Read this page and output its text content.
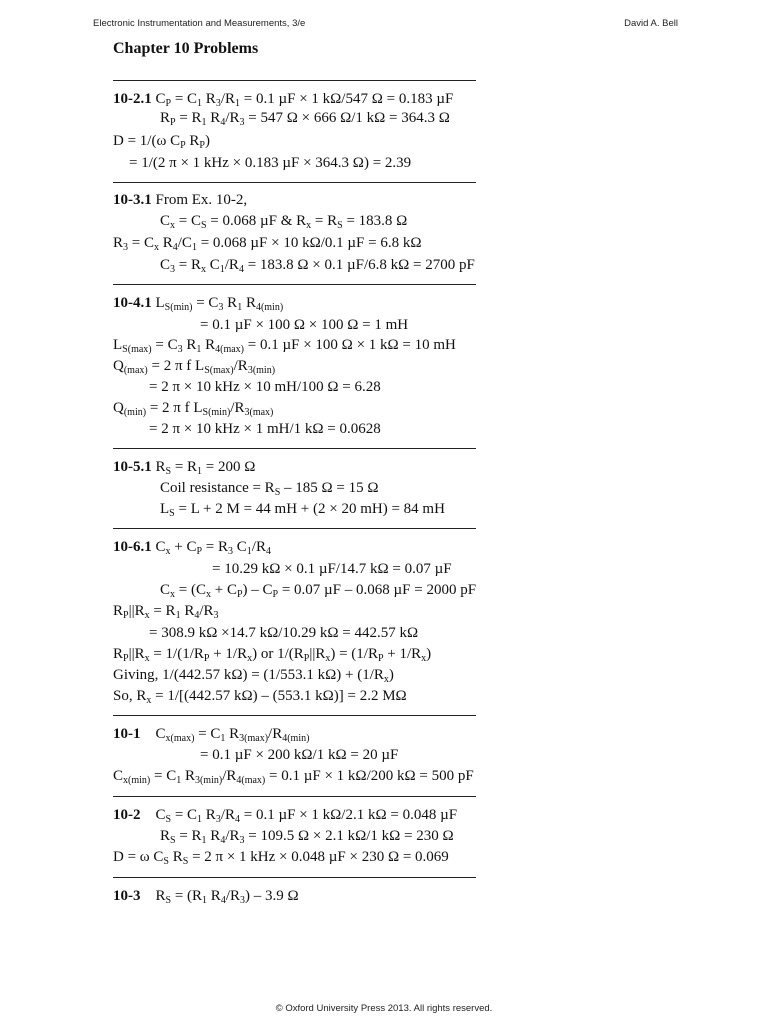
Electronic Instrumentation and Measurements, 3/e	David A. Bell
Chapter 10 Problems
10-2.1 $C_P = C_1$ $R_3/R_1 = 0.1$ µF × 1 kΩ/547 Ω = 0.183 µF
$R_P = R_1$ $R_4/R_3 = 547$ Ω × 666 Ω/1 kΩ = 364.3 Ω
D = 1/(ω $C_P$ $R_P$)
= 1/(2 π × 1 kHz × 0.183 µF × 364.3 Ω) = 2.39
10-3.1 From Ex. 10-2,
$C_x = C_S = 0.068$ µF & $R_x = R_S = 183.8$ Ω
$R_3 = C_x$ $R_4/C_1 = 0.068$ µF × 10 kΩ/0.1 µF = 6.8 kΩ
$C_3 = R_x$ $C_1/R_4 = 183.8$ Ω × 0.1 µF/6.8 kΩ = 2700 pF
10-4.1 $L_{S(min)} = C_3$ $R_1$ $R_{4(min)}$
= 0.1 µF × 100 Ω × 100 Ω = 1 mH
$L_{S(max)} = C_3$ $R_1$ $R_{4(max)} = 0.1$ µF × 100 Ω × 1 kΩ = 10 mH
$Q_{(max)} = 2$ π f $L_{S(max)}/R_{3(min)}$
= 2 π × 10 kHz × 10 mH/100 Ω = 6.28
$Q_{(min)} = 2$ π f $L_{S(min)}/R_{3(max)}$
= 2 π × 10 kHz × 1 mH/1 kΩ = 0.0628
10-5.1 $R_S = R_1 = 200$ Ω
Coil resistance = $R_S - 185$ Ω = 15 Ω
$L_S = L + 2$ M = 44 mH + (2 × 20 mH) = 84 mH
10-6.1 $C_x + C_P = R_3$ $C_1/R_4$
= 10.29 kΩ × 0.1 µF/14.7 kΩ = 0.07 µF
$C_x = (C_x + C_P) - C_P = 0.07$ µF – 0.068 µF = 2000 pF
$R_P||R_x = R_1$ $R_4/R_3$
= 308.9 kΩ ×14.7 kΩ/10.29 kΩ = 442.57 kΩ
$R_P||R_x = 1/(1/R_P + 1/R_x)$ or $1/(R_P||R_x) = (1/R_P + 1/R_x)$
Giving, 1/(442.57 kΩ) = (1/553.1 $k\Omega) + (1/R_x)$
So, $R_x = 1/[(442.57$ kΩ) – (553.1 kΩ)] = 2.2 MΩ
10-1 $C_{x(max)} = C_1$ $R_{3(max)}/R_{4(min)}$
= 0.1 µF × 200 kΩ/1 kΩ = 20 µF
$C_{x(min)} = C_1$ $R_{3(min)}/R_{4(max)} = 0.1$ µF × 1 kΩ/200 kΩ = 500 pF
10-2 $C_S = C_1$ $R_3/R_4 = 0.1$ µF × 1 kΩ/2.1 kΩ = 0.048 µF
$R_S = R_1$ $R_4/R_3 = 109.5$ Ω × 2.1 kΩ/1 kΩ = 230 Ω
D = ω $C_S$ $R_S = 2$ π × 1 kHz × 0.048 µF × 230 Ω = 0.069
10-3 $R_S = (R_1$ $R_4/R_3) - 3.9$ Ω
© Oxford University Press 2013. All rights reserved.
